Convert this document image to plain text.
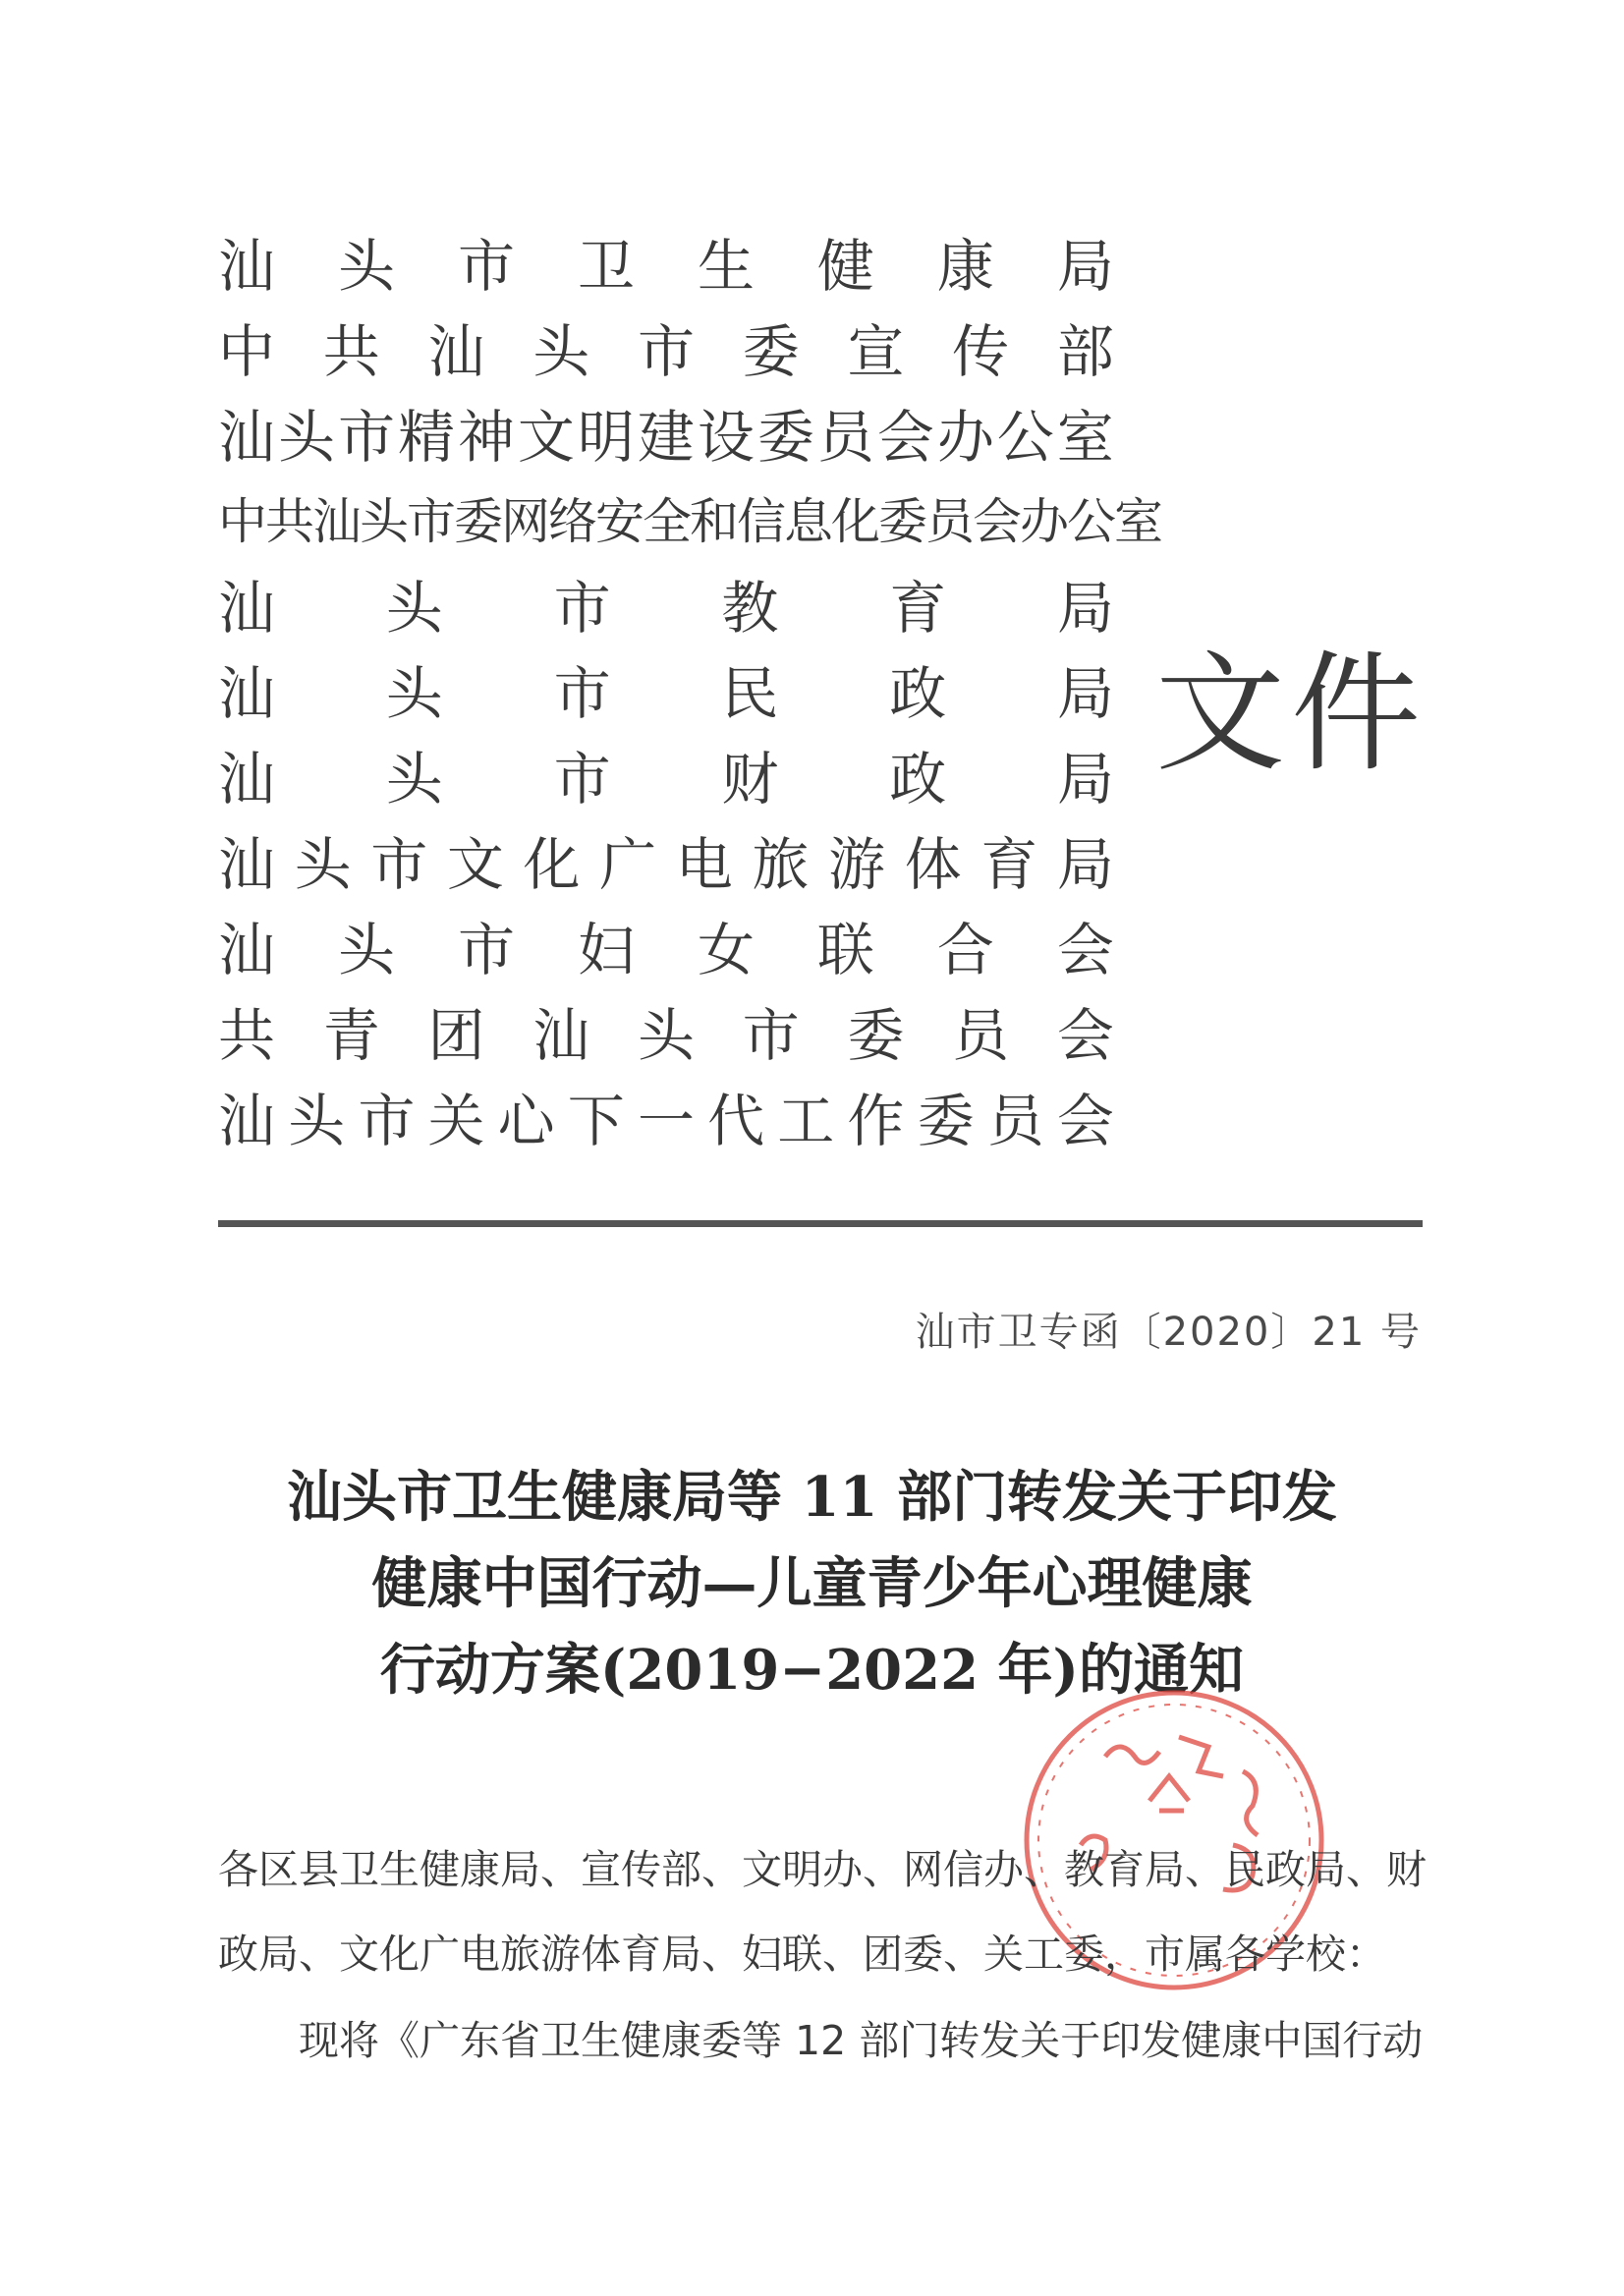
汕 头 市 卫 生 健 康 局
中 共 汕 头 市 委 宣 传 部
汕 头 市 精 神 文 明 建 设 委 员 会 办 公 室
中 共 汕 头 市 委 网 络 安 全 和 信 息 化 委 员 会 办 公 室
汕 头 市 教 育 局
汕 头 市 民 政 局
汕 头 市 财 政 局
汕 头 市 文 化 广 电 旅 游 体 育 局
汕 头 市 妇 女 联 合 会
共 青 团 汕 头 市 委 员 会
汕 头 市 关 心 下 一 代 工 作 委 员 会
文件
汕市卫专函〔2020〕21 号
汕头市卫生健康局等 11 部门转发关于印发
健康中国行动—儿童青少年心理健康
行动方案(2019−2022 年)的通知
各区县卫生健康局、宣传部、文明办、网信办、教育局、民政局、财
政局、文化广电旅游体育局、妇联、团委、关工委，市属各学校：
现将《广东省卫生健康委等 12 部门转发关于印发健康中国行动
